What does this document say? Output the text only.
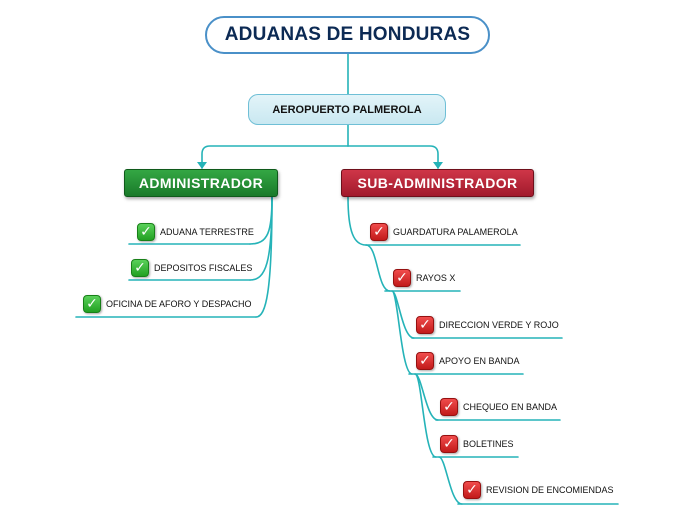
ADUANAS DE HONDURAS
AEROPUERTO PALMEROLA
ADMINISTRADOR	SUB-ADMINISTRADOR
✓ ADUANA TERRESTRE
✓ DEPOSITOS FISCALES
✓ OFICINA DE AFORO Y DESPACHO
✓ GUARDATURA PALAMEROLA
✓ RAYOS X
✓ DIRECCION VERDE Y ROJO
✓ APOYO EN BANDA
✓ CHEQUEO EN BANDA
✓ BOLETINES
✓ REVISION DE ENCOMIENDAS
